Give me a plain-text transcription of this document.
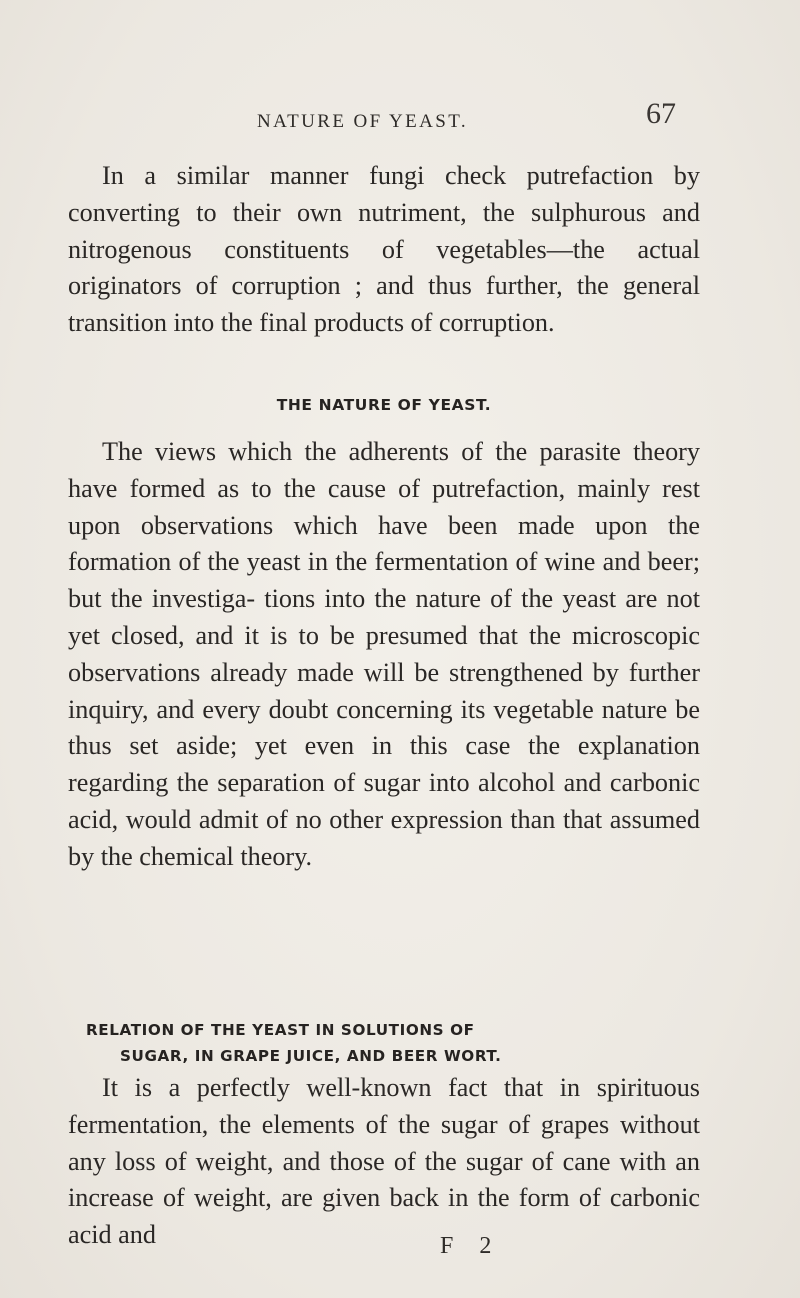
NATURE OF YEAST.	67

In a similar manner fungi check putrefaction by converting to their own nutriment, the sulphurous and nitrogenous constituents of vegetables—the actual originators of corruption ; and thus further, the general transition into the final products of corruption.

THE NATURE OF YEAST.

The views which the adherents of the parasite theory have formed as to the cause of putrefaction, mainly rest upon observations which have been made upon the formation of the yeast in the fermentation of wine and beer; but the investiga- tions into the nature of the yeast are not yet closed, and it is to be presumed that the microscopic observations already made will be strengthened by further inquiry, and every doubt concerning its vegetable nature be thus set aside; yet even in this case the explanation regarding the separation of sugar into alcohol and carbonic acid, would admit of no other expression than that assumed by the chemical theory.

RELATION OF THE YEAST IN SOLUTIONS OF
SUGAR, IN GRAPE JUICE, AND BEER WORT.

It is a perfectly well-known fact that in spirituous fermentation, the elements of the sugar of grapes without any loss of weight, and those of the sugar of cane with an increase of weight, are given back in the form of carbonic acid and	F 2
